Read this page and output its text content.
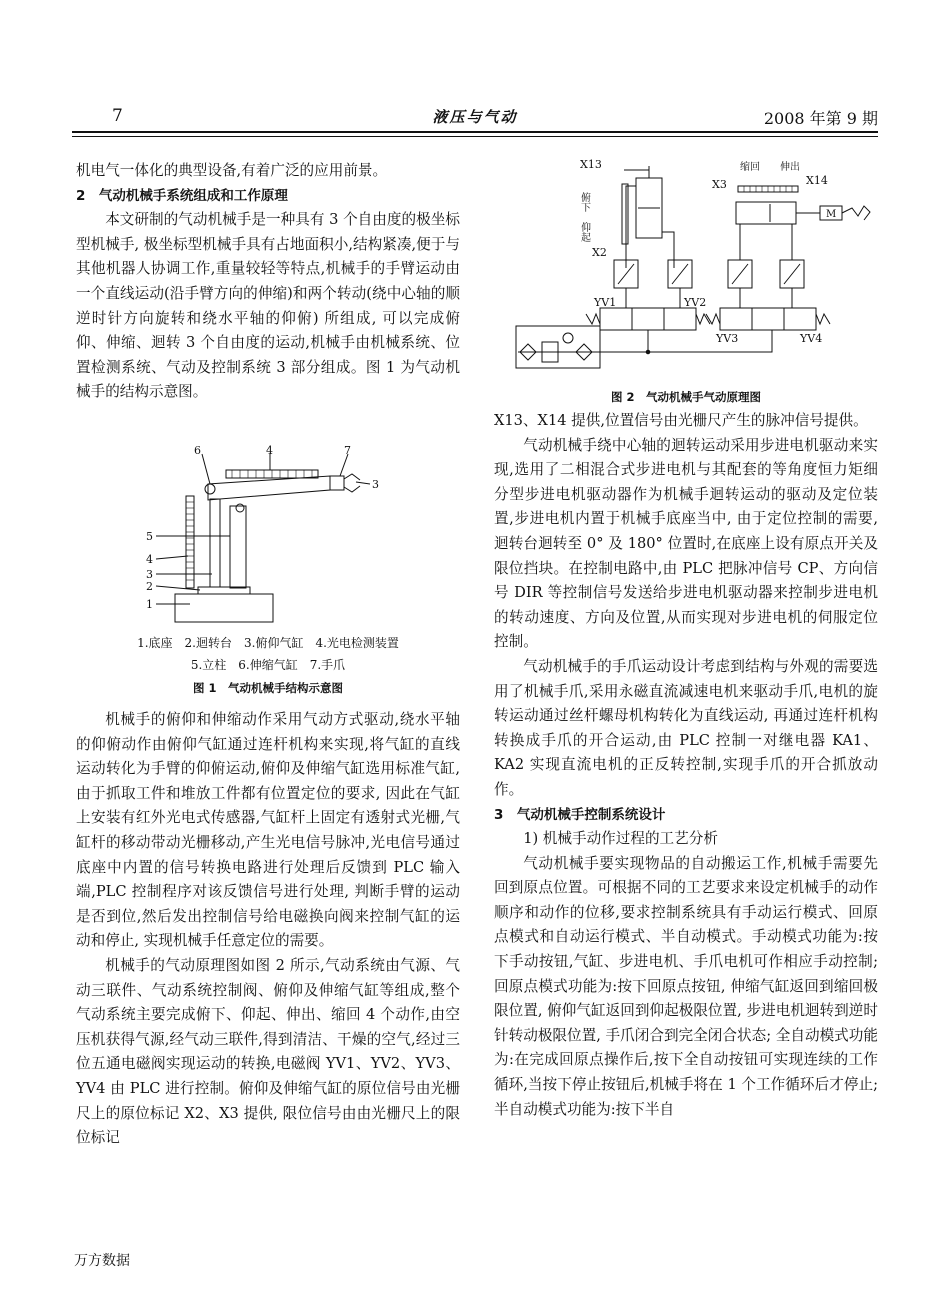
7	液压与气动	2008 年第 9 期

机电气一体化的典型设备,有着广泛的应用前景。

2　气动机械手系统组成和工作原理

本文研制的气动机械手是一种具有 3 个自由度的极坐标型机械手, 极坐标型机械手具有占地面积小,结构紧凑,便于与其他机器人协调工作,重量较轻等特点,机械手的手臂运动由一个直线运动(沿手臂方向的伸缩)和两个转动(绕中心轴的顺逆时针方向旋转和绕水平轴的仰俯) 所组成, 可以完成俯仰、伸缩、迴转 3 个自由度的运动,机械手由机械系统、位置检测系统、气动及控制系统 3 部分组成。图 1 为气动机械手的结构示意图。

6	4	7
3
5
4
3
2
1
1.底座　2.迴转台　3.俯仰气缸　4.光电检测装置
5.立柱　6.伸缩气缸　7.手爪
图 1　气动机械手结构示意图

机械手的俯仰和伸缩动作采用气动方式驱动,绕水平轴的仰俯动作由俯仰气缸通过连杆机构来实现,将气缸的直线运动转化为手臂的仰俯运动,俯仰及伸缩气缸选用标准气缸,由于抓取工件和堆放工件都有位置定位的要求, 因此在气缸上安装有红外光电式传感器,气缸杆上固定有透射式光栅,气缸杆的移动带动光栅移动,产生光电信号脉冲,光电信号通过底座中内置的信号转换电路进行处理后反馈到 PLC 输入端,PLC 控制程序对该反馈信号进行处理, 判断手臂的运动是否到位,然后发出控制信号给电磁换向阀来控制气缸的运动和停止, 实现机械手任意定位的需要。

机械手的气动原理图如图 2 所示,气动系统由气源、气动三联件、气动系统控制阀、俯仰及伸缩气缸等组成,整个气动系统主要完成俯下、仰起、伸出、缩回 4 个动作,由空压机获得气源,经气动三联件,得到清洁、干燥的空气,经过三位五通电磁阀实现运动的转换,电磁阀 YV1、YV2、YV3、YV4 由 PLC 进行控制。俯仰及伸缩气缸的原位信号由光栅尺上的原位标记 X2、X3 提供, 限位信号由由光栅尺上的限位标记

X13
俯下
仰起
X2
缩回 伸出
X3	X14
M
YV1	YV2
YV3	YV4
图 2　气动机械手气动原理图

X13、X14 提供,位置信号由光栅尺产生的脉冲信号提供。

气动机械手绕中心轴的迴转运动采用步进电机驱动来实现,选用了二相混合式步进电机与其配套的等角度恒力矩细分型步进电机驱动器作为机械手迴转运动的驱动及定位装置,步进电机内置于机械手底座当中, 由于定位控制的需要, 迴转台迴转至 0° 及 180° 位置时,在底座上设有原点开关及限位挡块。在控制电路中,由 PLC 把脉冲信号 CP、方向信号 DIR 等控制信号发送给步进电机驱动器来控制步进电机的转动速度、方向及位置,从而实现对步进电机的伺服定位控制。

气动机械手的手爪运动设计考虑到结构与外观的需要选用了机械手爪,采用永磁直流减速电机来驱动手爪,电机的旋转运动通过丝杆螺母机构转化为直线运动, 再通过连杆机构转换成手爪的开合运动,由 PLC 控制一对继电器 KA1、KA2 实现直流电机的正反转控制,实现手爪的开合抓放动作。

3　气动机械手控制系统设计

1) 机械手动作过程的工艺分析

气动机械手要实现物品的自动搬运工作,机械手需要先回到原点位置。可根据不同的工艺要求来设定机械手的动作顺序和动作的位移,要求控制系统具有手动运行模式、回原点模式和自动运行模式、半自动模式。手动模式功能为:按下手动按钮,气缸、步进电机、手爪电机可作相应手动控制;回原点模式功能为:按下回原点按钮, 伸缩气缸返回到缩回极限位置, 俯仰气缸返回到仰起极限位置, 步进电机迴转到逆时针转动极限位置, 手爪闭合到完全闭合状态; 全自动模式功能为:在完成回原点操作后,按下全自动按钮可实现连续的工作循环,当按下停止按钮后,机械手将在 1 个工作循环后才停止;半自动模式功能为:按下半自

万方数据
